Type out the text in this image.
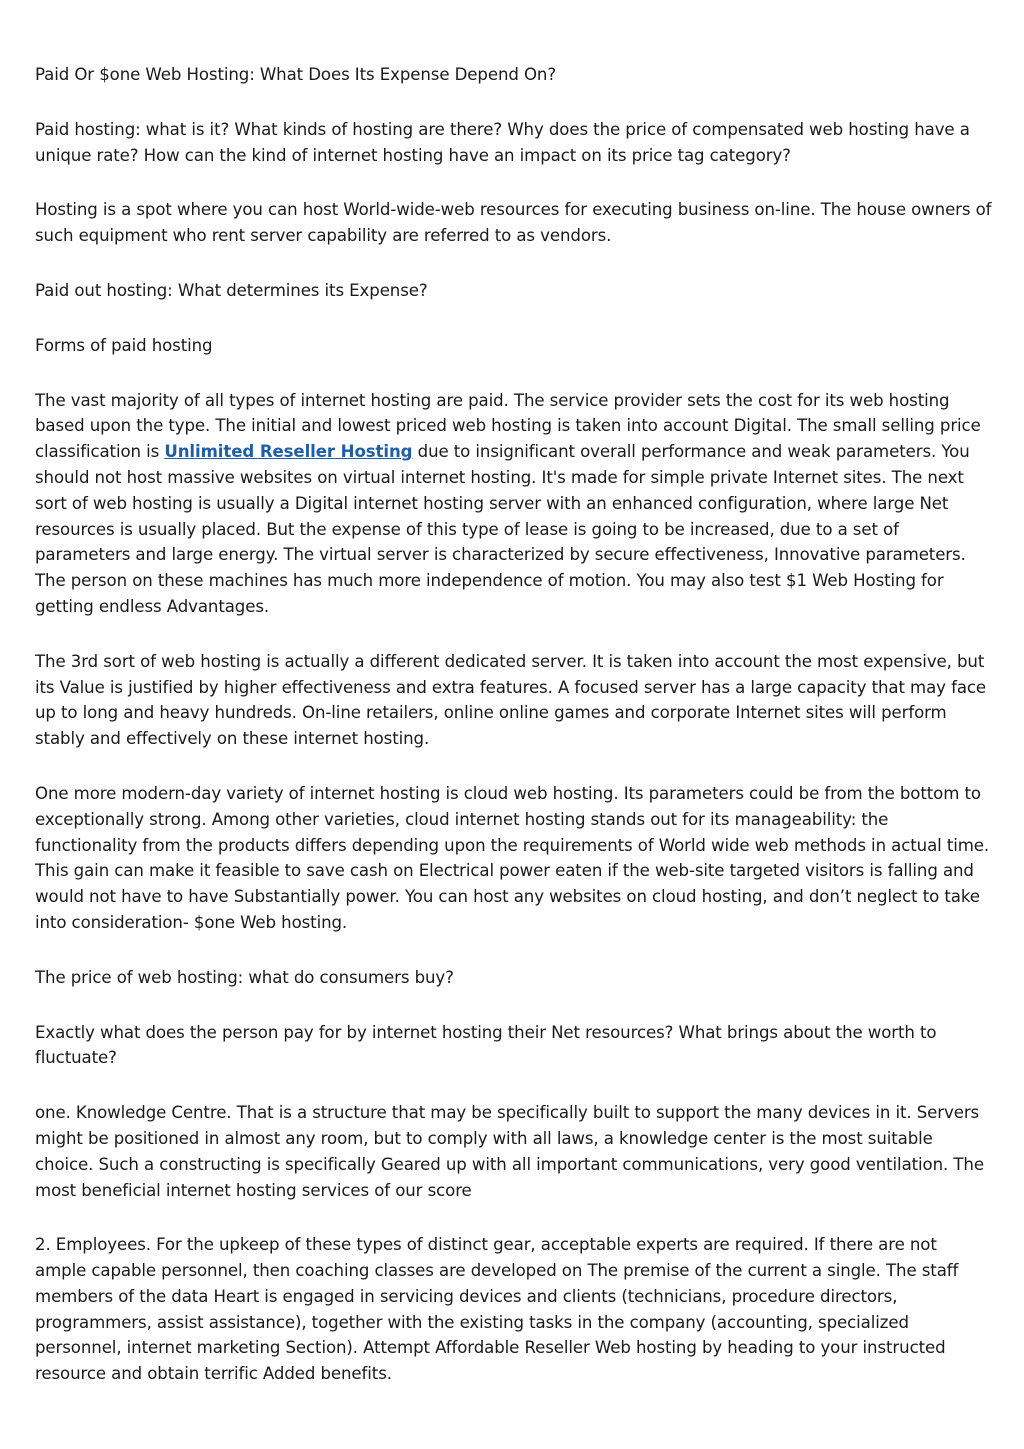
Paid Or $one Web Hosting: What Does Its Expense Depend On?

Paid hosting: what is it? What kinds of hosting are there? Why does the price of compensated web hosting have a unique rate? How can the kind of internet hosting have an impact on its price tag category?

Hosting is a spot where you can host World-wide-web resources for executing business on-line. The house owners of such equipment who rent server capability are referred to as vendors.

Paid out hosting: What determines its Expense?

Forms of paid hosting

The vast majority of all types of internet hosting are paid. The service provider sets the cost for its web hosting based upon the type. The initial and lowest priced web hosting is taken into account Digital. The small selling price classification is Unlimited Reseller Hosting due to insignificant overall performance and weak parameters. You should not host massive websites on virtual internet hosting. It's made for simple private Internet sites. The next sort of web hosting is usually a Digital internet hosting server with an enhanced configuration, where large Net resources is usually placed. But the expense of this type of lease is going to be increased, due to a set of parameters and large energy. The virtual server is characterized by secure effectiveness, Innovative parameters. The person on these machines has much more independence of motion. You may also test $1 Web Hosting for getting endless Advantages.

The 3rd sort of web hosting is actually a different dedicated server. It is taken into account the most expensive, but its Value is justified by higher effectiveness and extra features. A focused server has a large capacity that may face up to long and heavy hundreds. On-line retailers, online online games and corporate Internet sites will perform stably and effectively on these internet hosting.

One more modern-day variety of internet hosting is cloud web hosting. Its parameters could be from the bottom to exceptionally strong. Among other varieties, cloud internet hosting stands out for its manageability: the functionality from the products differs depending upon the requirements of World wide web methods in actual time. This gain can make it feasible to save cash on Electrical power eaten if the web-site targeted visitors is falling and would not have to have Substantially power. You can host any websites on cloud hosting, and don’t neglect to take into consideration- $one Web hosting.

The price of web hosting: what do consumers buy?

Exactly what does the person pay for by internet hosting their Net resources? What brings about the worth to fluctuate?

one. Knowledge Centre. That is a structure that may be specifically built to support the many devices in it. Servers might be positioned in almost any room, but to comply with all laws, a knowledge center is the most suitable choice. Such a constructing is specifically Geared up with all important communications, very good ventilation. The most beneficial internet hosting services of our score

2. Employees. For the upkeep of these types of distinct gear, acceptable experts are required. If there are not ample capable personnel, then coaching classes are developed on The premise of the current a single. The staff members of the data Heart is engaged in servicing devices and clients (technicians, procedure directors, programmers, assist assistance), together with the existing tasks in the company (accounting, specialized personnel, internet marketing Section). Attempt Affordable Reseller Web hosting by heading to your instructed resource and obtain terrific Added benefits.
